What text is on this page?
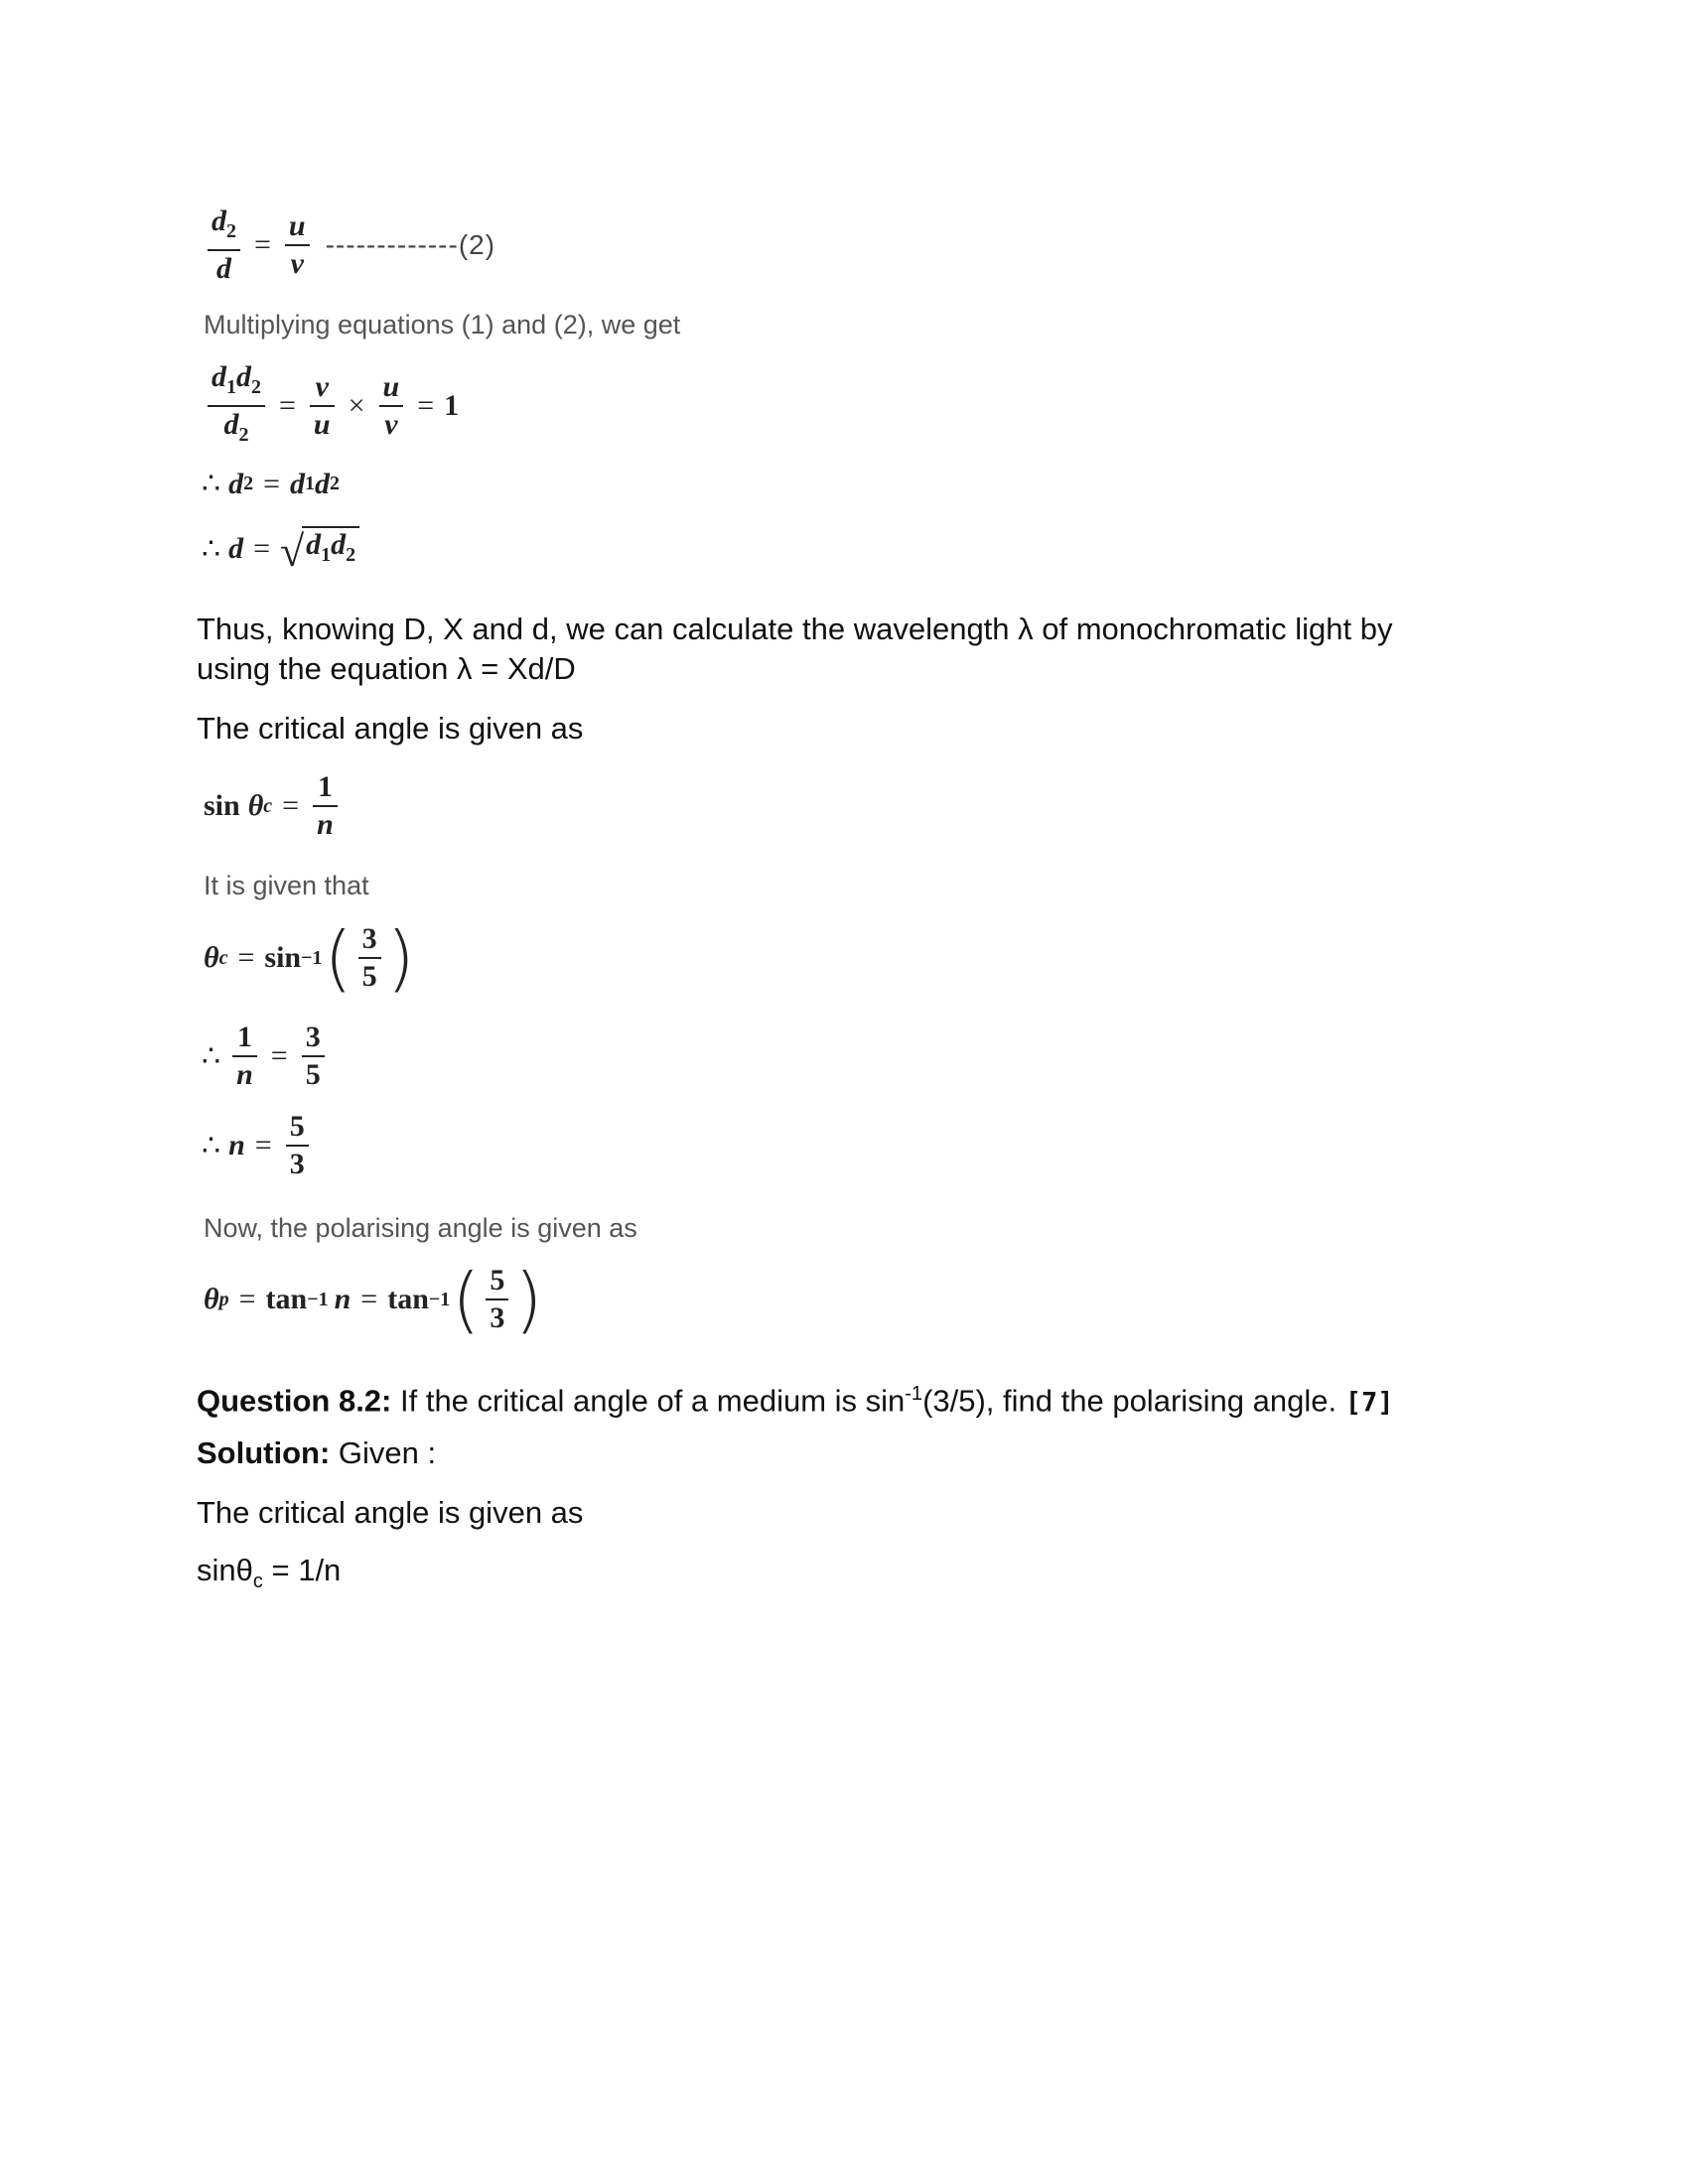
$\frac{d_2}{d} = \frac{u}{v} -------------(2)$
Multiplying equations (1) and (2), we get
$\frac{d_1d_2}{d_2} = \frac{v}{u} \times \frac{u}{v} = 1$
∴ d 2 = d 1 d 2
∴ d = √ $d_1d_2$
Thus, knowing D, X and d, we can calculate the wavelength λ of monochromatic light by
using the equation λ = Xd/D
The critical angle is given as
sin θ $c = \frac{1}{n}$
It is given that
θ c = sin −1 ( $\frac{3}{5}$ )
∴ $\frac{1}{n} = \frac{3}{5}$
∴ $n = \frac{5}{3}$
Now, the polarising angle is given as
θ p = tan −1 n = tan −1 ( $\frac{5}{3}$ )
Question 8.2: If the critical angle of a medium is $\sin^{-1}(3/5)$, find the polarising angle. [7]
Solution: Given :
The critical angle is given as
sinθ$_c$ = 1/n
